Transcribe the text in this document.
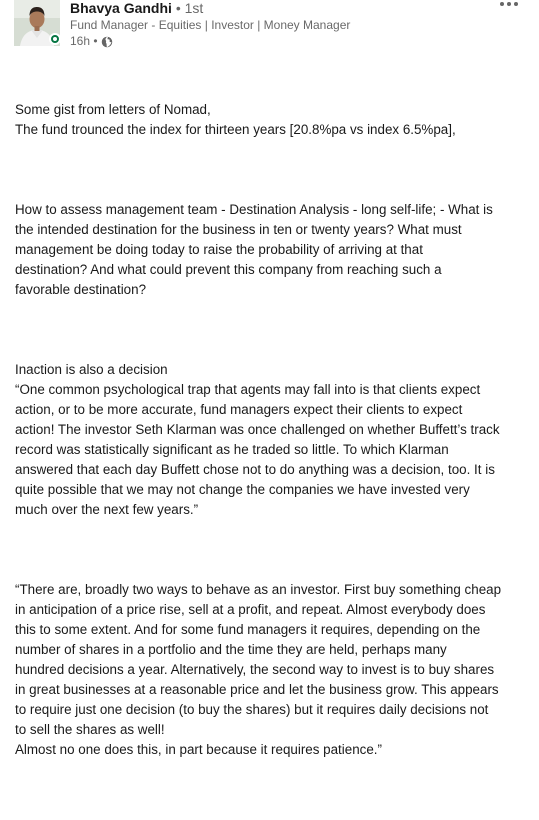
Bhavya Gandhi • 1st
Fund Manager - Equities | Investor | Money Manager
16h •

Some gist from letters of Nomad,
The fund trounced the index for thirteen years [20.8%pa vs index 6.5%pa],

How to assess management team - Destination Analysis - long self-life; - What is
the intended destination for the business in ten or twenty years? What must
management be doing today to raise the probability of arriving at that
destination? And what could prevent this company from reaching such a
favorable destination?

Inaction is also a decision
“One common psychological trap that agents may fall into is that clients expect
action, or to be more accurate, fund managers expect their clients to expect
action! The investor Seth Klarman was once challenged on whether Buffett’s track
record was statistically significant as he traded so little. To which Klarman
answered that each day Buffett chose not to do anything was a decision, too. It is
quite possible that we may not change the companies we have invested very
much over the next few years.”

“There are, broadly two ways to behave as an investor. First buy something cheap
in anticipation of a price rise, sell at a profit, and repeat. Almost everybody does
this to some extent. And for some fund managers it requires, depending on the
number of shares in a portfolio and the time they are held, perhaps many
hundred decisions a year. Alternatively, the second way to invest is to buy shares
in great businesses at a reasonable price and let the business grow. This appears
to require just one decision (to buy the shares) but it requires daily decisions not
to sell the shares as well!
Almost no one does this, in part because it requires patience.”
